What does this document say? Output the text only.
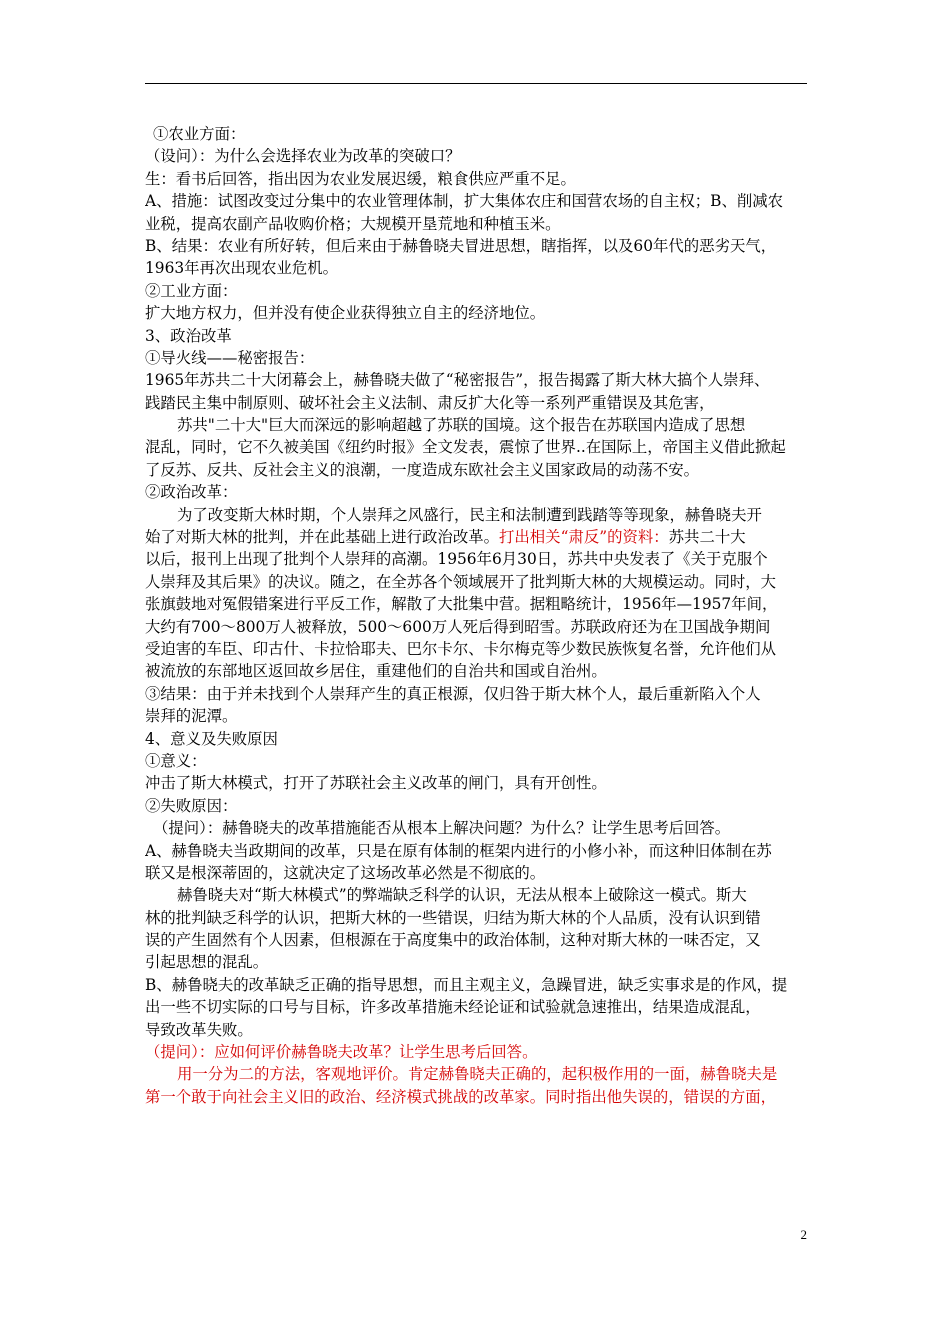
①农业方面：
（设问）：为什么会选择农业为改革的突破口？
生：看书后回答，指出因为农业发展迟缓，粮食供应严重不足。
A、措施：试图改变过分集中的农业管理体制，扩大集体农庄和国营农场的自主权；B、削减农
业税，提高农副产品收购价格；大规模开垦荒地和种植玉米。
B、结果：农业有所好转，但后来由于赫鲁晓夫冒进思想，瞎指挥，以及60年代的恶劣天气，
1963年再次出现农业危机。
②工业方面：
扩大地方权力，但并没有使企业获得独立自主的经济地位。
3、政治改革
①导火线——秘密报告：
1965年苏共二十大闭幕会上，赫鲁晓夫做了“秘密报告”，报告揭露了斯大林大搞个人崇拜、
践踏民主集中制原则、破坏社会主义法制、肃反扩大化等一系列严重错误及其危害，
苏共"二十大"巨大而深远的影响超越了苏联的国境。这个报告在苏联国内造成了思想
混乱，同时，它不久被美国《纽约时报》全文发表，震惊了世界..在国际上，帝国主义借此掀起
了反苏、反共、反社会主义的浪潮，一度造成东欧社会主义国家政局的动荡不安。
②政治改革：
为了改变斯大林时期，个人崇拜之风盛行，民主和法制遭到践踏等等现象，赫鲁晓夫开
始了对斯大林的批判，并在此基础上进行政治改革。打出相关“肃反”的资料：苏共二十大
以后，报刊上出现了批判个人崇拜的高潮。1956年6月30日，苏共中央发表了《关于克服个
人崇拜及其后果》的决议。随之，在全苏各个领域展开了批判斯大林的大规模运动。同时，大
张旗鼓地对冤假错案进行平反工作，解散了大批集中营。据粗略统计，1956年—1957年间，
大约有700～800万人被释放，500～600万人死后得到昭雪。苏联政府还为在卫国战争期间
受迫害的车臣、印古什、卡拉恰耶夫、巴尔卡尔、卡尔梅克等少数民族恢复名誉，允许他们从
被流放的东部地区返回故乡居住，重建他们的自治共和国或自治州。
③结果：由于并未找到个人崇拜产生的真正根源，仅归咎于斯大林个人，最后重新陷入个人
崇拜的泥潭。
4、意义及失败原因
①意义：
冲击了斯大林模式，打开了苏联社会主义改革的闸门，具有开创性。
②失败原因：
（提问）：赫鲁晓夫的改革措施能否从根本上解决问题？为什么？让学生思考后回答。
A、赫鲁晓夫当政期间的改革，只是在原有体制的框架内进行的小修小补，而这种旧体制在苏
联又是根深蒂固的，这就决定了这场改革必然是不彻底的。
赫鲁晓夫对“斯大林模式”的弊端缺乏科学的认识，无法从根本上破除这一模式。斯大
林的批判缺乏科学的认识，把斯大林的一些错误，归结为斯大林的个人品质，没有认识到错
误的产生固然有个人因素，但根源在于高度集中的政治体制，这种对斯大林的一味否定，又
引起思想的混乱。
B、赫鲁晓夫的改革缺乏正确的指导思想，而且主观主义，急躁冒进，缺乏实事求是的作风，提
出一些不切实际的口号与目标，许多改革措施未经论证和试验就急速推出，结果造成混乱，
导致改革失败。
（提问）：应如何评价赫鲁晓夫改革？让学生思考后回答。
用一分为二的方法，客观地评价。肯定赫鲁晓夫正确的，起积极作用的一面，赫鲁晓夫是
第一个敢于向社会主义旧的政治、经济模式挑战的改革家。同时指出他失误的，错误的方面，
2
